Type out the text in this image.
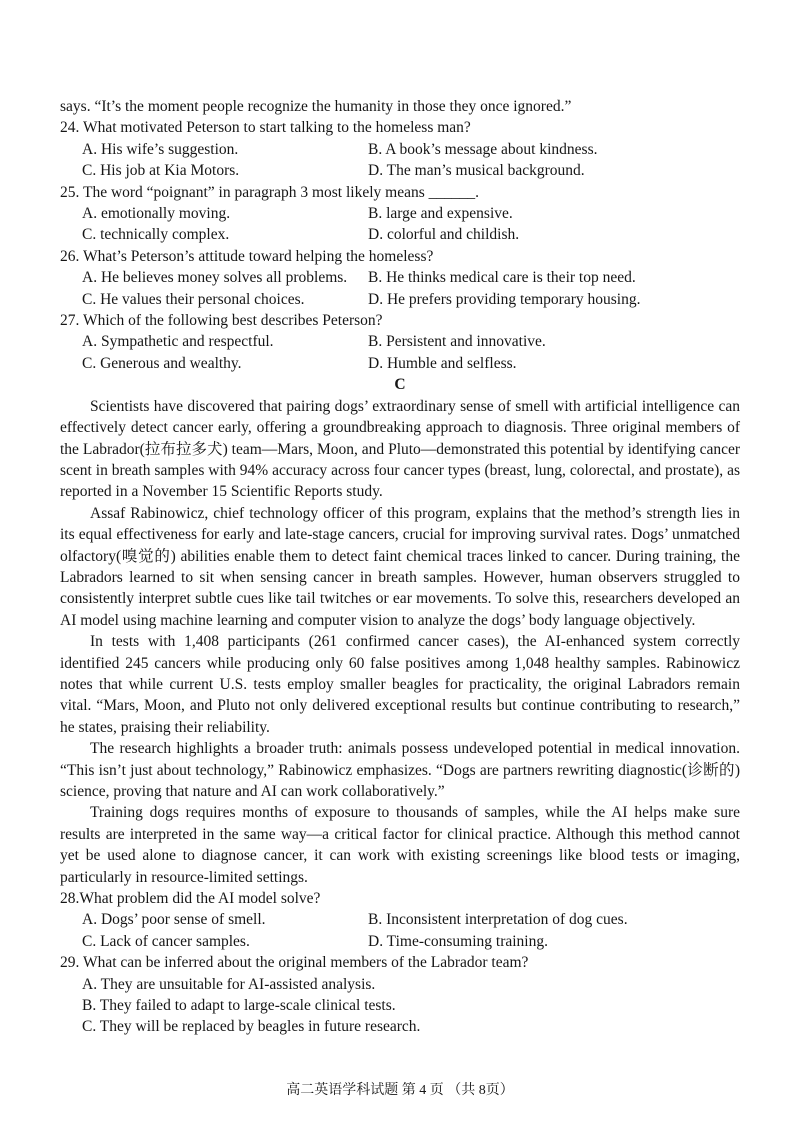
says. “It’s the moment people recognize the humanity in those they once ignored.”
24. What motivated Peterson to start talking to the homeless man?
A. His wife’s suggestion.	B. A book’s message about kindness.
C. His job at Kia Motors.	D. The man’s musical background.
25. The word “poignant” in paragraph 3 most likely means ______.
A. emotionally moving.	B. large and expensive.
C. technically complex.	D. colorful and childish.
26. What’s Peterson’s attitude toward helping the homeless?
A. He believes money solves all problems.	B. He thinks medical care is their top need.
C. He values their personal choices.	D. He prefers providing temporary housing.
27. Which of the following best describes Peterson?
A. Sympathetic and respectful.	B. Persistent and innovative.
C. Generous and wealthy.	D. Humble and selfless.
C

Scientists have discovered that pairing dogs’ extraordinary sense of smell with artificial intelligence can effectively detect cancer early, offering a groundbreaking approach to diagnosis. Three original members of the Labrador(拉布拉多犬) team—Mars, Moon, and Pluto—demonstrated this potential by identifying cancer scent in breath samples with 94% accuracy across four cancer types (breast, lung, colorectal, and prostate), as reported in a November 15 Scientific Reports study.

Assaf Rabinowicz, chief technology officer of this program, explains that the method’s strength lies in its equal effectiveness for early and late-stage cancers, crucial for improving survival rates. Dogs’ unmatched olfactory(嗅觉的) abilities enable them to detect faint chemical traces linked to cancer. During training, the Labradors learned to sit when sensing cancer in breath samples. However, human observers struggled to consistently interpret subtle cues like tail twitches or ear movements. To solve this, researchers developed an AI model using machine learning and computer vision to analyze the dogs’ body language objectively.

In tests with 1,408 participants (261 confirmed cancer cases), the AI-enhanced system correctly identified 245 cancers while producing only 60 false positives among 1,048 healthy samples. Rabinowicz notes that while current U.S. tests employ smaller beagles for practicality, the original Labradors remain vital. “Mars, Moon, and Pluto not only delivered exceptional results but continue contributing to research,” he states, praising their reliability.

The research highlights a broader truth: animals possess undeveloped potential in medical innovation. “This isn’t just about technology,” Rabinowicz emphasizes. “Dogs are partners rewriting diagnostic(诊断的) science, proving that nature and AI can work collaboratively.”

Training dogs requires months of exposure to thousands of samples, while the AI helps make sure results are interpreted in the same way—a critical factor for clinical practice. Although this method cannot yet be used alone to diagnose cancer, it can work with existing screenings like blood tests or imaging, particularly in resource-limited settings.

28.What problem did the AI model solve?
A. Dogs’ poor sense of smell.	B. Inconsistent interpretation of dog cues.
C. Lack of cancer samples.	D. Time-consuming training.
29. What can be inferred about the original members of the Labrador team?
A. They are unsuitable for AI-assisted analysis.
B. They failed to adapt to large-scale clinical tests.
C. They will be replaced by beagles in future research.
高二英语学科试题 第 4 页 （共 8页）
